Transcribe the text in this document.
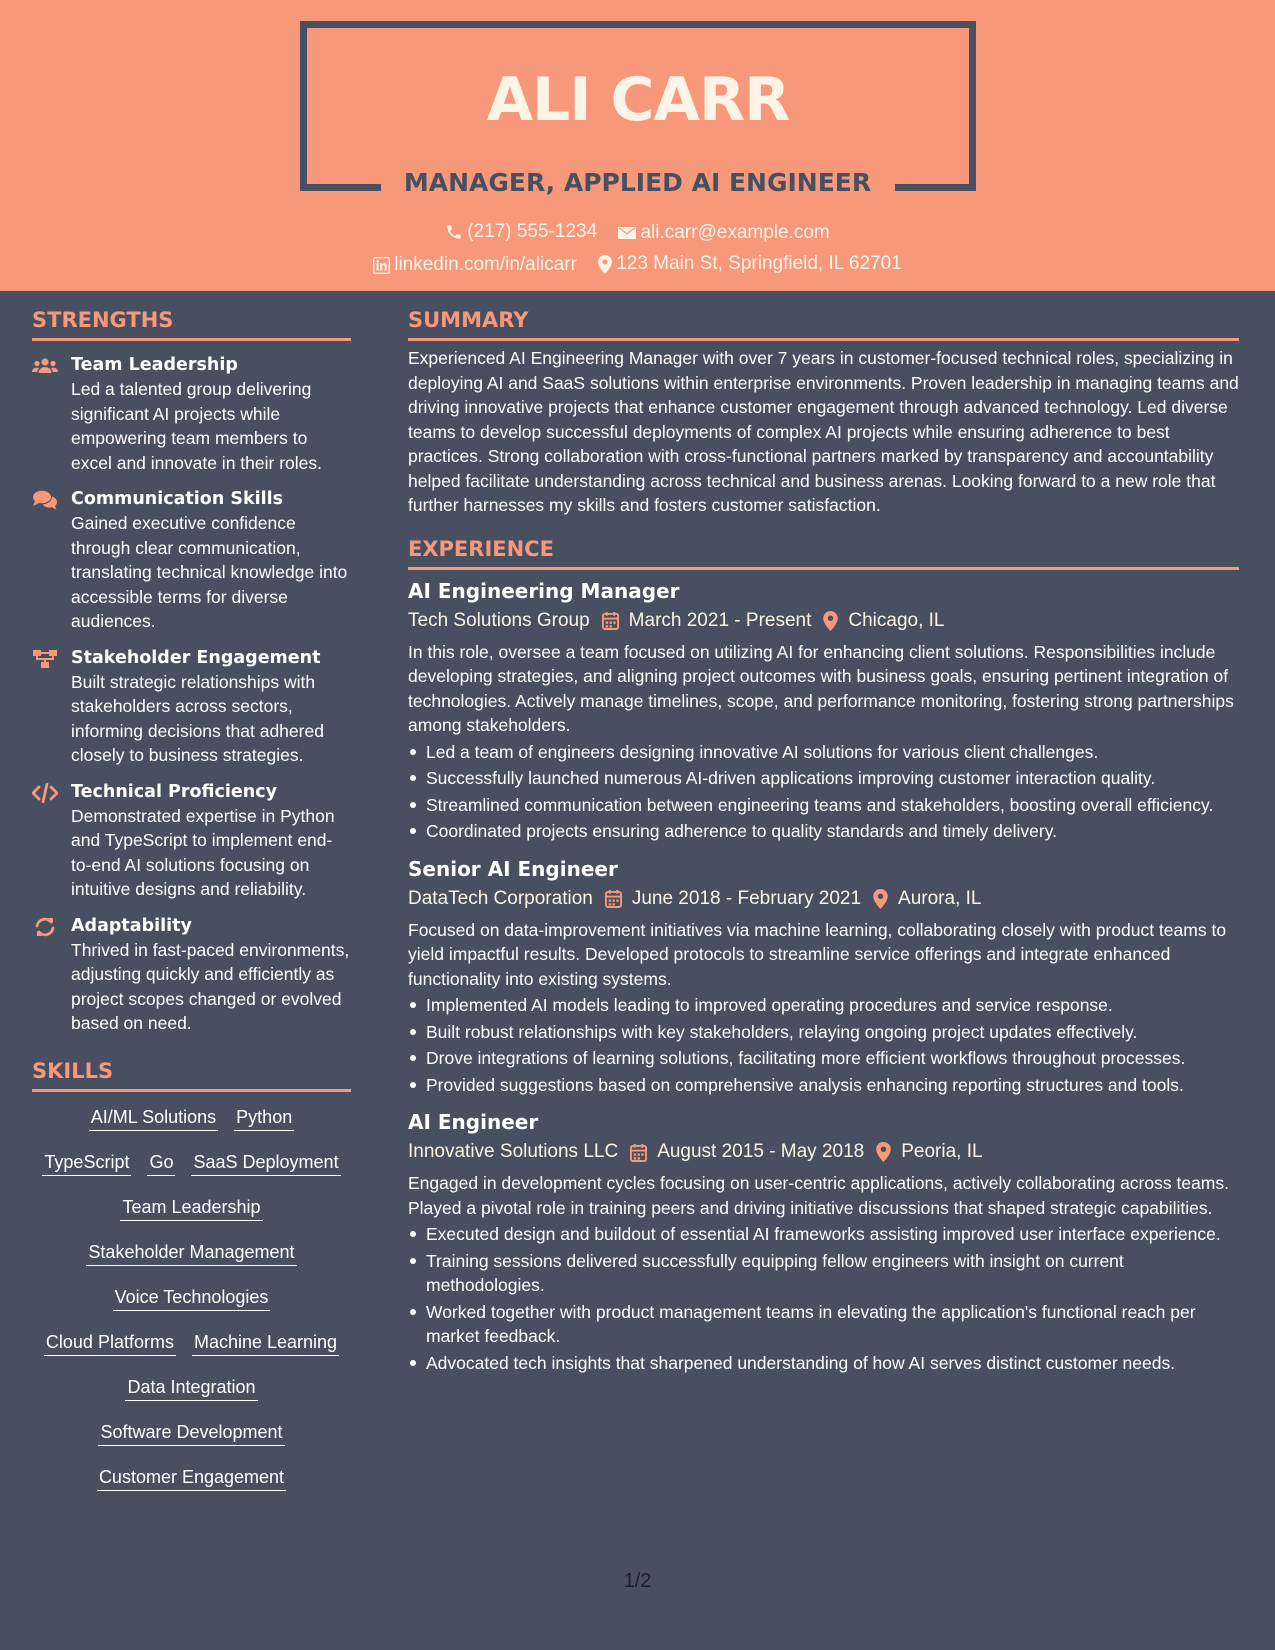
ALI CARR
MANAGER, APPLIED AI ENGINEER
(217) 555-1234
ali.carr@example.com
linkedin.com/in/alicarr
123 Main St, Springfield, IL 62701
STRENGTHS
Team Leadership
Led a talented group delivering significant AI projects while empowering team members to excel and innovate in their roles.
Communication Skills
Gained executive confidence through clear communication, translating technical knowledge into accessible terms for diverse audiences.
Stakeholder Engagement
Built strategic relationships with stakeholders across sectors, informing decisions that adhered closely to business strategies.
Technical Proficiency
Demonstrated expertise in Python and TypeScript to implement end-to-end AI solutions focusing on intuitive designs and reliability.
Adaptability
Thrived in fast-paced environments, adjusting quickly and efficiently as project scopes changed or evolved based on need.
SKILLS
AI/ML Solutions Python
TypeScript Go SaaS Deployment
Team Leadership
Stakeholder Management
Voice Technologies
Cloud Platforms Machine Learning
Data Integration
Software Development
Customer Engagement
SUMMARY
Experienced AI Engineering Manager with over 7 years in customer-focused technical roles, specializing in deploying AI and SaaS solutions within enterprise environments. Proven leadership in managing teams and driving innovative projects that enhance customer engagement through advanced technology. Led diverse teams to develop successful deployments of complex AI projects while ensuring adherence to best practices. Strong collaboration with cross-functional partners marked by transparency and accountability helped facilitate understanding across technical and business arenas. Looking forward to a new role that further harnesses my skills and fosters customer satisfaction.
EXPERIENCE
AI Engineering Manager
Tech Solutions Group March 2021 - Present Chicago, IL
In this role, oversee a team focused on utilizing AI for enhancing client solutions. Responsibilities include developing strategies, and aligning project outcomes with business goals, ensuring pertinent integration of technologies. Actively manage timelines, scope, and performance monitoring, fostering strong partnerships among stakeholders.
Led a team of engineers designing innovative AI solutions for various client challenges.
Successfully launched numerous AI-driven applications improving customer interaction quality.
Streamlined communication between engineering teams and stakeholders, boosting overall efficiency.
Coordinated projects ensuring adherence to quality standards and timely delivery.
Senior AI Engineer
DataTech Corporation June 2018 - February 2021 Aurora, IL
Focused on data-improvement initiatives via machine learning, collaborating closely with product teams to yield impactful results. Developed protocols to streamline service offerings and integrate enhanced functionality into existing systems.
Implemented AI models leading to improved operating procedures and service response.
Built robust relationships with key stakeholders, relaying ongoing project updates effectively.
Drove integrations of learning solutions, facilitating more efficient workflows throughout processes.
Provided suggestions based on comprehensive analysis enhancing reporting structures and tools.
AI Engineer
Innovative Solutions LLC August 2015 - May 2018 Peoria, IL
Engaged in development cycles focusing on user-centric applications, actively collaborating across teams. Played a pivotal role in training peers and driving initiative discussions that shaped strategic capabilities.
Executed design and buildout of essential AI frameworks assisting improved user interface experience.
Training sessions delivered successfully equipping fellow engineers with insight on current methodologies.
Worked together with product management teams in elevating the application's functional reach per market feedback.
Advocated tech insights that sharpened understanding of how AI serves distinct customer needs.
1/2
